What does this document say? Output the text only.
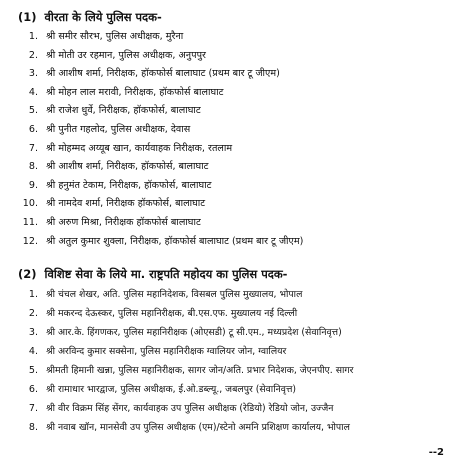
(1) वीरता के लिये पुलिस पदक-
1. श्री समीर सौरभ, पुलिस अधीक्षक, मुरैना
2. श्री मोती उर रहमान, पुलिस अधीक्षक, अनुपपुर
3. श्री आशीष शर्मा, निरीक्षक, हॉकफोर्स बालाघाट (प्रथम बार टू जीएम)
4. श्री मोहन लाल मरावी, निरीक्षक, हॉकफोर्स बालाघाट
5. श्री राजेश धुर्वे, निरीक्षक, हॉकफोर्स, बालाघाट
6. श्री पुनीत गहलोद, पुलिस अधीक्षक, देवास
7. श्री मोहम्मद अय्यूब खान, कार्यवाहक निरीक्षक, रतलाम
8. श्री आशीष शर्मा, निरीक्षक, हॉकफोर्स, बालाघाट
9. श्री हनुमंत टेकाम, निरीक्षक, हॉकफोर्स, बालाघाट
10. श्री नामदेव शर्मा, निरीक्षक हॉकफोर्स, बालाघाट
11. श्री अरुण मिश्रा, निरीक्षक हॉकफोर्स बालाघाट
12. श्री अतुल कुमार शुक्ला, निरीक्षक, हॉकफोर्स बालाघाट (प्रथम बार टू जीएम)
(2) विशिष्ट सेवा के लिये मा. राष्ट्रपति महोदय का पुलिस पदक-
1. श्री चंचल शेखर, अति. पुलिस महानिदेशक, विसबल पुलिस मुख्यालय, भोपाल
2. श्री मकरन्द देऊस्कर, पुलिस महानिरीक्षक, बी.एस.एफ. मुख्यालय नई दिल्ली
3. श्री आर.के. हिंगणकर, पुलिस महानिरीक्षक (ओएसडी) टू सी.एम., मध्यप्रदेश (सेवानिवृत्त)
4. श्री अरविन्द कुमार सक्सेना, पुलिस महानिरीक्षक ग्वालियर जोन, ग्वालियर
5. श्रीमती हिमानी खन्ना, पुलिस महानिरीक्षक, सागर जोन/अति. प्रभार निदेशक, जेएनपीए. सागर
6. श्री रामाधार भारद्वाज, पुलिस अधीक्षक, ई.ओ.डब्ल्यू., जबलपुर (सेवानिवृत्त)
7. श्री वीर विक्रम सिंह सेंगर, कार्यवाहक उप पुलिस अधीक्षक (रेडियो) रेडियो जोन, उज्जैन
8. श्री नवाब खॉन, मानसेवी उप पुलिस अधीक्षक (एम)/स्टेनो अमनि प्रशिक्षण कार्यालय, भोपाल
--2
